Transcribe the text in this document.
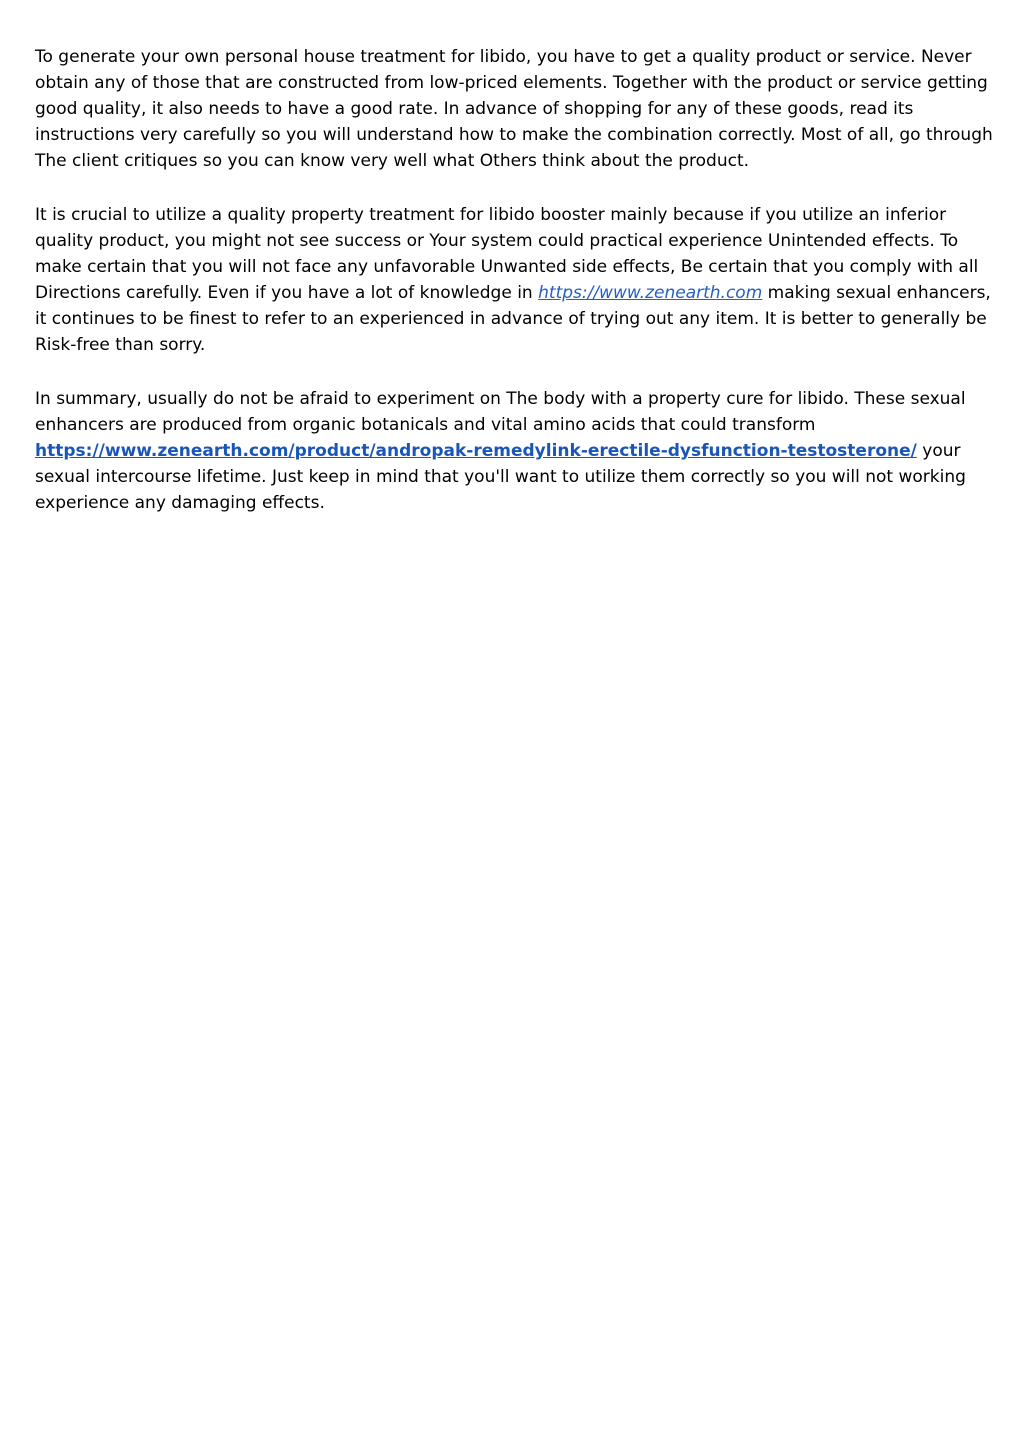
To generate your own personal house treatment for libido, you have to get a quality product or service. Never obtain any of those that are constructed from low-priced elements. Together with the product or service getting good quality, it also needs to have a good rate. In advance of shopping for any of these goods, read its instructions very carefully so you will understand how to make the combination correctly. Most of all, go through The client critiques so you can know very well what Others think about the product.

It is crucial to utilize a quality property treatment for libido booster mainly because if you utilize an inferior quality product, you might not see success or Your system could practical experience Unintended effects. To make certain that you will not face any unfavorable Unwanted side effects, Be certain that you comply with all Directions carefully. Even if you have a lot of knowledge in https://www.zenearth.com making sexual enhancers, it continues to be finest to refer to an experienced in advance of trying out any item. It is better to generally be Risk-free than sorry.

In summary, usually do not be afraid to experiment on The body with a property cure for libido. These sexual enhancers are produced from organic botanicals and vital amino acids that could transform https://www.zenearth.com/product/andropak-remedylink-erectile-dysfunction-testosterone/ your sexual intercourse lifetime. Just keep in mind that you'll want to utilize them correctly so you will not working experience any damaging effects.
